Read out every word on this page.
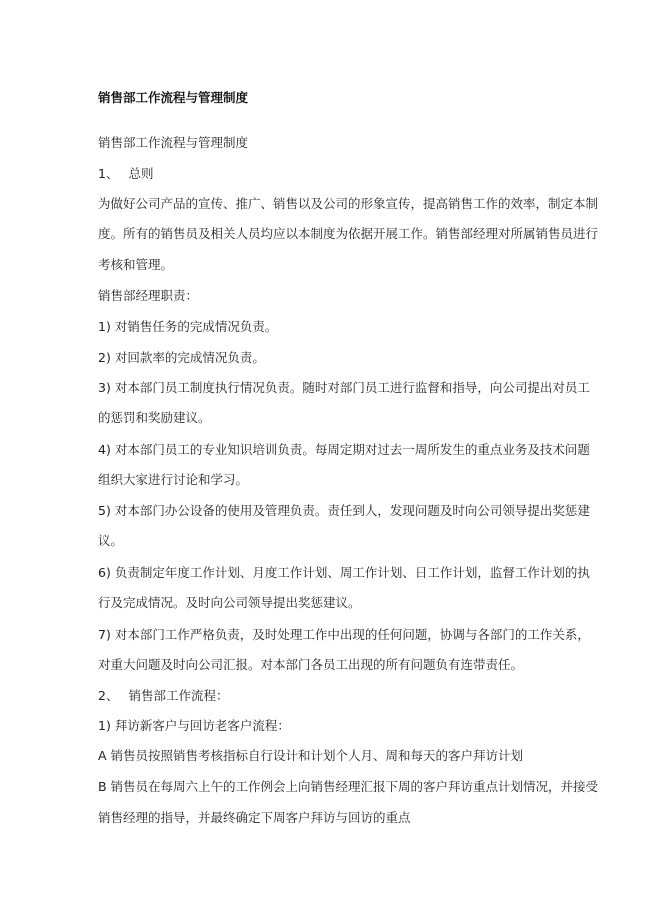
销售部工作流程与管理制度
销售部工作流程与管理制度
1、 总则
为做好公司产品的宣传、推广、销售以及公司的形象宣传，提高销售工作的效率，制定本制
度。所有的销售员及相关人员均应以本制度为依据开展工作。销售部经理对所属销售员进行
考核和管理。
销售部经理职责：
1) 对销售任务的完成情况负责。
2) 对回款率的完成情况负责。
3) 对本部门员工制度执行情况负责。随时对部门员工进行监督和指导，向公司提出对员工
的惩罚和奖励建议。
4) 对本部门员工的专业知识培训负责。每周定期对过去一周所发生的重点业务及技术问题
组织大家进行讨论和学习。
5) 对本部门办公设备的使用及管理负责。责任到人，发现问题及时向公司领导提出奖惩建
议。
6) 负责制定年度工作计划、月度工作计划、周工作计划、日工作计划，监督工作计划的执
行及完成情况。及时向公司领导提出奖惩建议。
7) 对本部门工作严格负责，及时处理工作中出现的任何问题，协调与各部门的工作关系，
对重大问题及时向公司汇报。对本部门各员工出现的所有问题负有连带责任。
2、 销售部工作流程：
1) 拜访新客户与回访老客户流程：
A 销售员按照销售考核指标自行设计和计划个人月、周和每天的客户拜访计划
B 销售员在每周六上午的工作例会上向销售经理汇报下周的客户拜访重点计划情况，并接受
销售经理的指导，并最终确定下周客户拜访与回访的重点
